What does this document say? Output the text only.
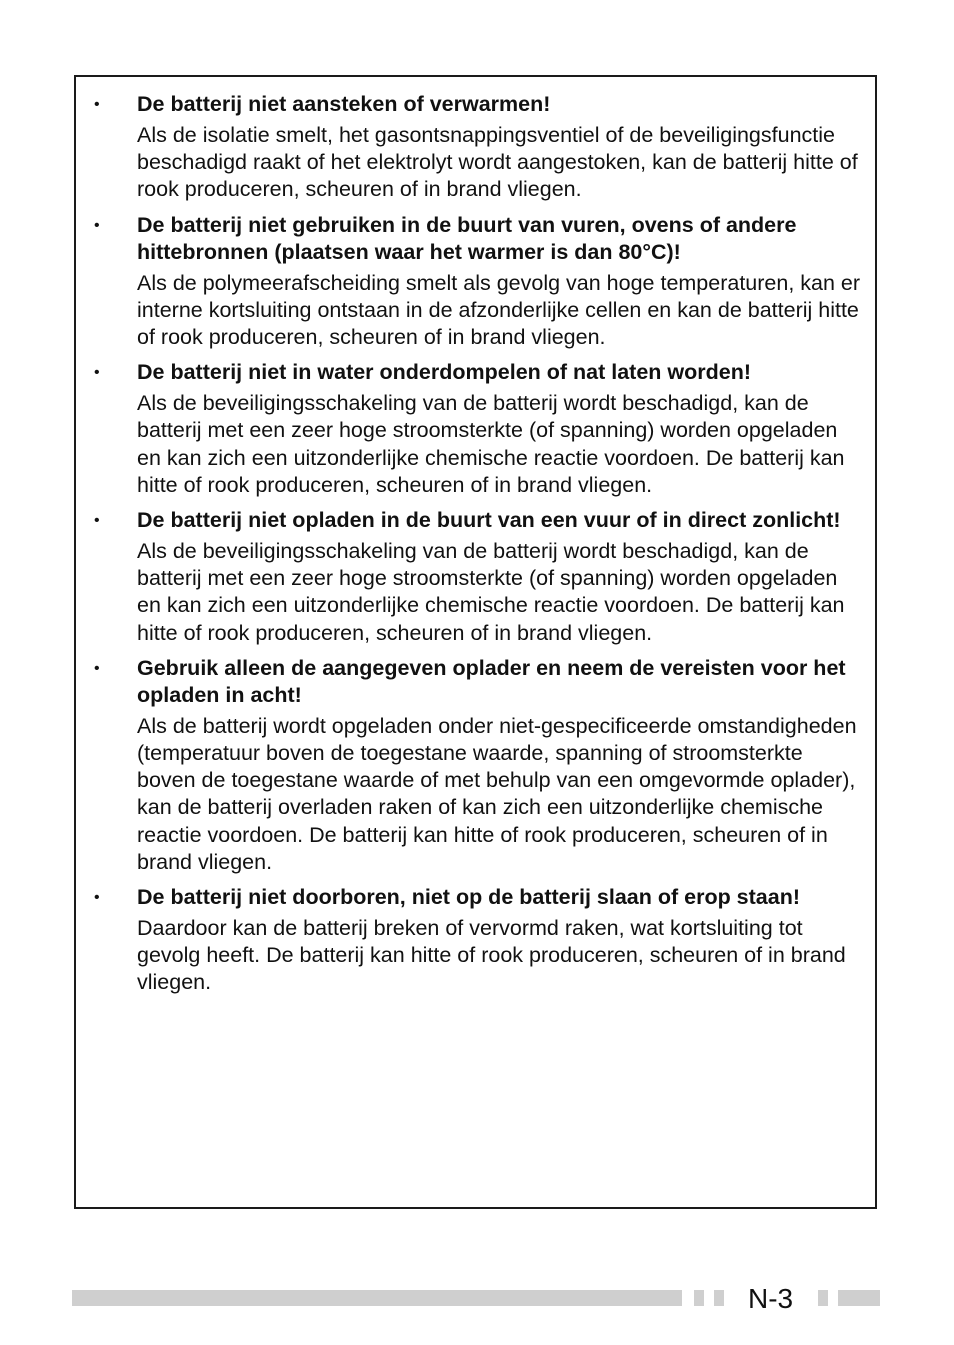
• De batterij niet aansteken of verwarmen!

Als de isolatie smelt, het gasontsnappingsventiel of de beveiligingsfunctie beschadigd raakt of het elektrolyt wordt aangestoken, kan de batterij hitte of rook produceren, scheuren of in brand vliegen.

• De batterij niet gebruiken in de buurt van vuren, ovens of andere hittebronnen (plaatsen waar het warmer is dan 80°C)!

Als de polymeerafscheiding smelt als gevolg van hoge temperaturen, kan er interne kortsluiting ontstaan in de afzonderlijke cellen en kan de batterij hitte of rook produceren, scheuren of in brand vliegen.

• De batterij niet in water onderdompelen of nat laten worden!

Als de beveiligingsschakeling van de batterij wordt beschadigd, kan de batterij met een zeer hoge stroomsterkte (of spanning) worden opgeladen en kan zich een uitzonderlijke chemische reactie voordoen. De batterij kan hitte of rook produceren, scheuren of in brand vliegen.

• De batterij niet opladen in de buurt van een vuur of in direct zonlicht!

Als de beveiligingsschakeling van de batterij wordt beschadigd, kan de batterij met een zeer hoge stroomsterkte (of spanning) worden opgeladen en kan zich een uitzonderlijke chemische reactie voordoen. De batterij kan hitte of rook produceren, scheuren of in brand vliegen.

• Gebruik alleen de aangegeven oplader en neem de vereisten voor het opladen in acht!

Als de batterij wordt opgeladen onder niet-gespecificeerde omstandigheden (temperatuur boven de toegestane waarde, spanning of stroomsterkte boven de toegestane waarde of met behulp van een omgevormde oplader), kan de batterij overladen raken of kan zich een uitzonderlijke chemische reactie voordoen. De batterij kan hitte of rook produceren, scheuren of in brand vliegen.

• De batterij niet doorboren, niet op de batterij slaan of erop staan!

Daardoor kan de batterij breken of vervormd raken, wat kortsluiting tot gevolg heeft. De batterij kan hitte of rook produceren, scheuren of in brand vliegen.

N-3
